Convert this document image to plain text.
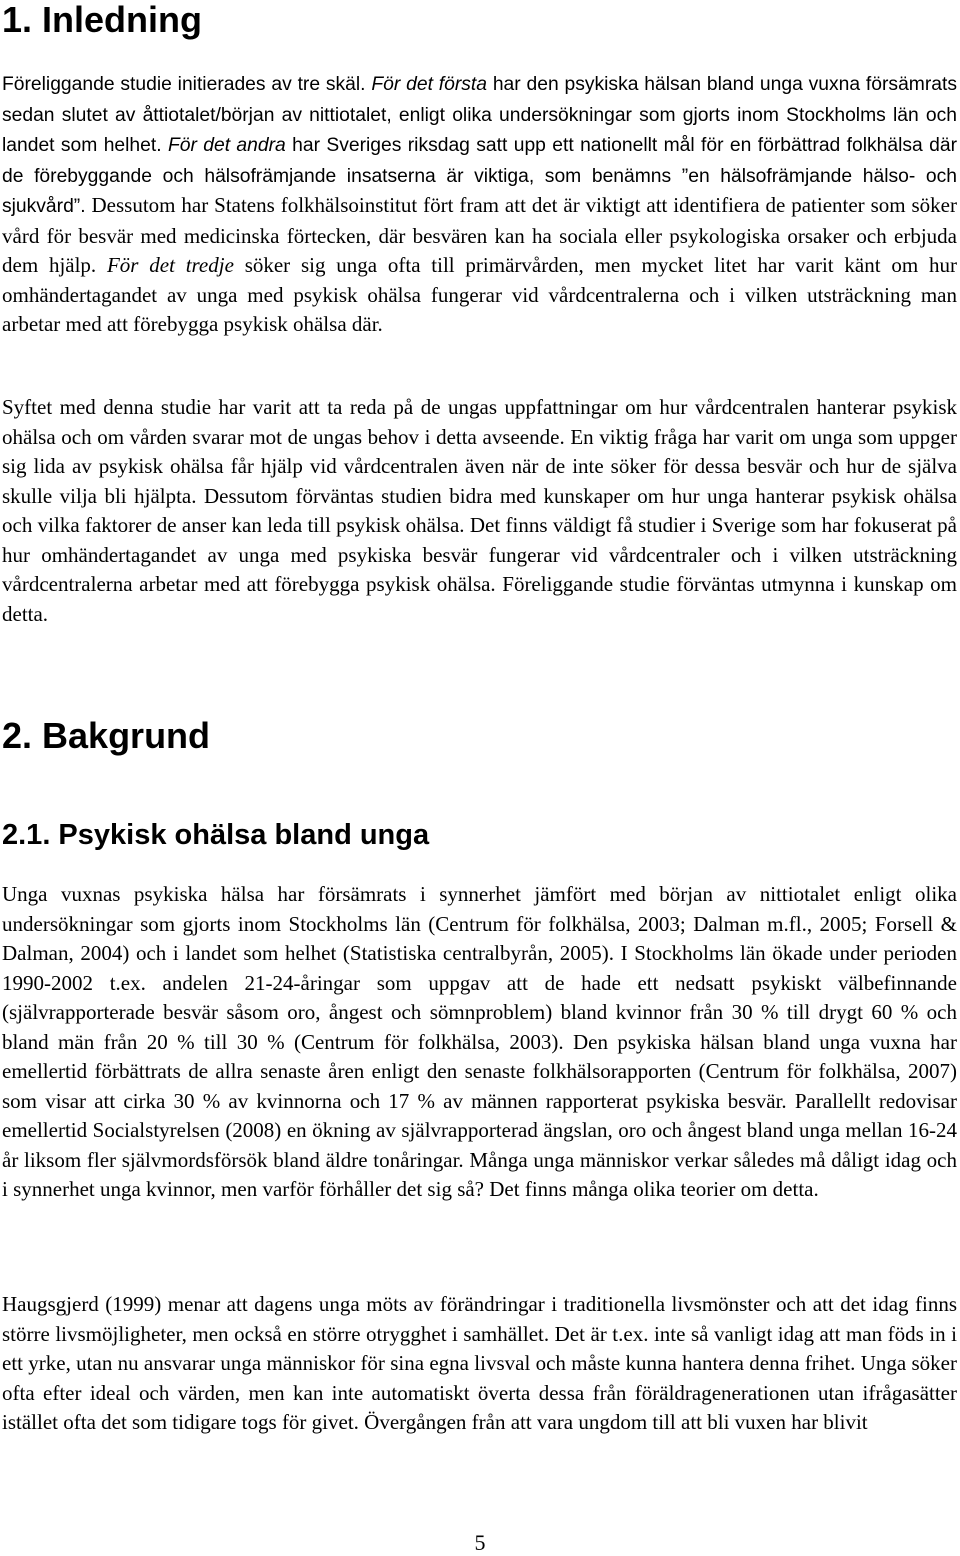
1. Inledning

Föreliggande studie initierades av tre skäl. För det första har den psykiska hälsan bland unga vuxna försämrats sedan slutet av åttiotalet/början av nittiotalet, enligt olika undersökningar som gjorts inom Stockholms län och landet som helhet. För det andra har Sveriges riksdag satt upp ett nationellt mål för en förbättrad folkhälsa där de förebyggande och hälsofrämjande insatserna är viktiga, som benämns ”en hälsofrämjande hälso- och sjukvård”. Dessutom har Statens folkhälsoinstitut fört fram att det är viktigt att identifiera de patienter som söker vård för besvär med medicinska förtecken, där besvären kan ha sociala eller psykologiska orsaker och erbjuda dem hjälp. För det tredje söker sig unga ofta till primärvården, men mycket litet har varit känt om hur omhändertagandet av unga med psykisk ohälsa fungerar vid vårdcentralerna och i vilken utsträckning man arbetar med att förebygga psykisk ohälsa där.

Syftet med denna studie har varit att ta reda på de ungas uppfattningar om hur vårdcentralen hanterar psykisk ohälsa och om vården svarar mot de ungas behov i detta avseende. En viktig fråga har varit om unga som uppger sig lida av psykisk ohälsa får hjälp vid vårdcentralen även när de inte söker för dessa besvär och hur de själva skulle vilja bli hjälpta. Dessutom förväntas studien bidra med kunskaper om hur unga hanterar psykisk ohälsa och vilka faktorer de anser kan leda till psykisk ohälsa. Det finns väldigt få studier i Sverige som har fokuserat på hur omhändertagandet av unga med psykiska besvär fungerar vid vårdcentraler och i vilken utsträckning vårdcentralerna arbetar med att förebygga psykisk ohälsa. Föreliggande studie förväntas utmynna i kunskap om detta.

2. Bakgrund
2.1. Psykisk ohälsa bland unga

Unga vuxnas psykiska hälsa har försämrats i synnerhet jämfört med början av nittiotalet enligt olika undersökningar som gjorts inom Stockholms län (Centrum för folkhälsa, 2003; Dalman m.fl., 2005; Forsell & Dalman, 2004) och i landet som helhet (Statistiska centralbyrån, 2005). I Stockholms län ökade under perioden 1990-2002 t.ex. andelen 21-24-åringar som uppgav att de hade ett nedsatt psykiskt välbefinnande (självrapporterade besvär såsom oro, ångest och sömnproblem) bland kvinnor från 30 % till drygt 60 % och bland män från 20 % till 30 % (Centrum för folkhälsa, 2003). Den psykiska hälsan bland unga vuxna har emellertid förbättrats de allra senaste åren enligt den senaste folkhälsorapporten (Centrum för folkhälsa, 2007) som visar att cirka 30 % av kvinnorna och 17 % av männen rapporterat psykiska besvär. Parallellt redovisar emellertid Socialstyrelsen (2008) en ökning av självrapporterad ängslan, oro och ångest bland unga mellan 16-24 år liksom fler självmordsförsök bland äldre tonåringar. Många unga människor verkar således må dåligt idag och i synnerhet unga kvinnor, men varför förhåller det sig så? Det finns många olika teorier om detta.

Haugsgjerd (1999) menar att dagens unga möts av förändringar i traditionella livsmönster och att det idag finns större livsmöjligheter, men också en större otrygghet i samhället. Det är t.ex. inte så vanligt idag att man föds in i ett yrke, utan nu ansvarar unga människor för sina egna livsval och måste kunna hantera denna frihet. Unga söker ofta efter ideal och värden, men kan inte automatiskt överta dessa från föräldragenerationen utan ifrågasätter istället ofta det som tidigare togs för givet. Övergången från att vara ungdom till att bli vuxen har blivit

5
